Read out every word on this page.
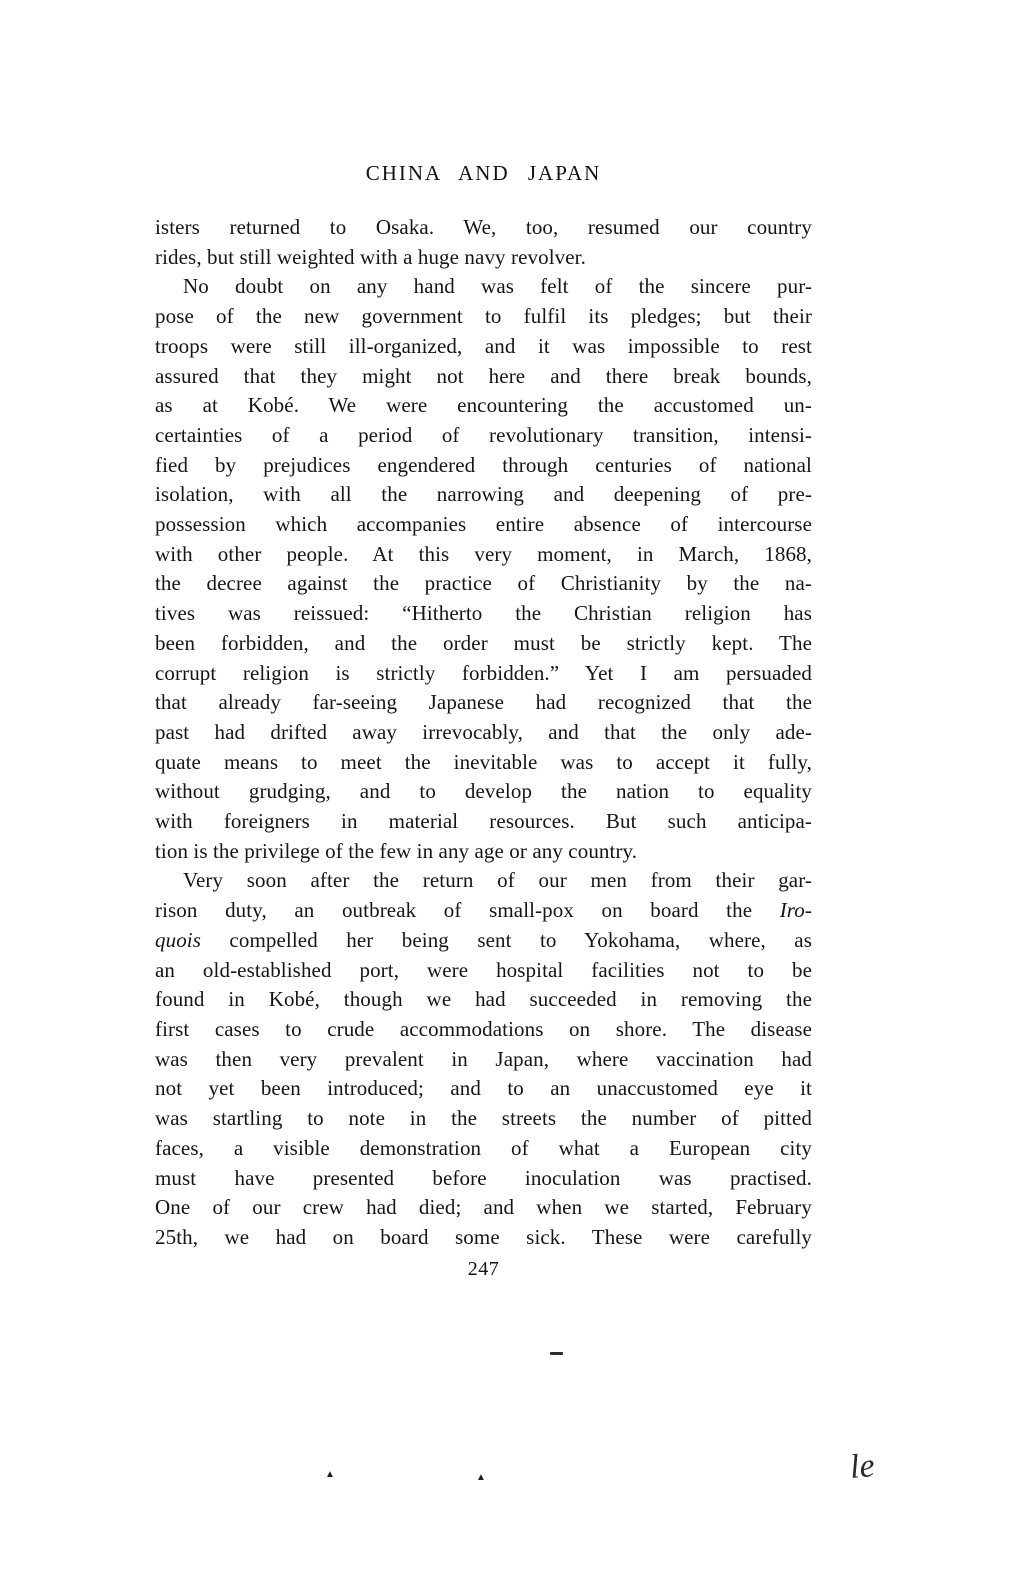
CHINA AND JAPAN
isters returned to Osaka. We, too, resumed our country
rides, but still weighted with a huge navy revolver.
No doubt on any hand was felt of the sincere pur-
pose of the new government to fulfil its pledges; but their
troops were still ill-organized, and it was impossible to rest
assured that they might not here and there break bounds,
as at Kobé. We were encountering the accustomed un-
certainties of a period of revolutionary transition, intensi-
fied by prejudices engendered through centuries of national
isolation, with all the narrowing and deepening of pre-
possession which accompanies entire absence of intercourse
with other people. At this very moment, in March, 1868,
the decree against the practice of Christianity by the na-
tives was reissued: “Hitherto the Christian religion has
been forbidden, and the order must be strictly kept. The
corrupt religion is strictly forbidden.” Yet I am persuaded
that already far-seeing Japanese had recognized that the
past had drifted away irrevocably, and that the only ade-
quate means to meet the inevitable was to accept it fully,
without grudging, and to develop the nation to equality
with foreigners in material resources. But such anticipa-
tion is the privilege of the few in any age or any country.
Very soon after the return of our men from their gar-
rison duty, an outbreak of small-pox on board the Iro-
quois compelled her being sent to Yokohama, where, as
an old-established port, were hospital facilities not to be
found in Kobé, though we had succeeded in removing the
first cases to crude accommodations on shore. The disease
was then very prevalent in Japan, where vaccination had
not yet been introduced; and to an unaccustomed eye it
was startling to note in the streets the number of pitted
faces, a visible demonstration of what a European city
must have presented before inoculation was practised.
One of our crew had died; and when we started, February
25th, we had on board some sick. These were carefully
247
▲	▲	le
